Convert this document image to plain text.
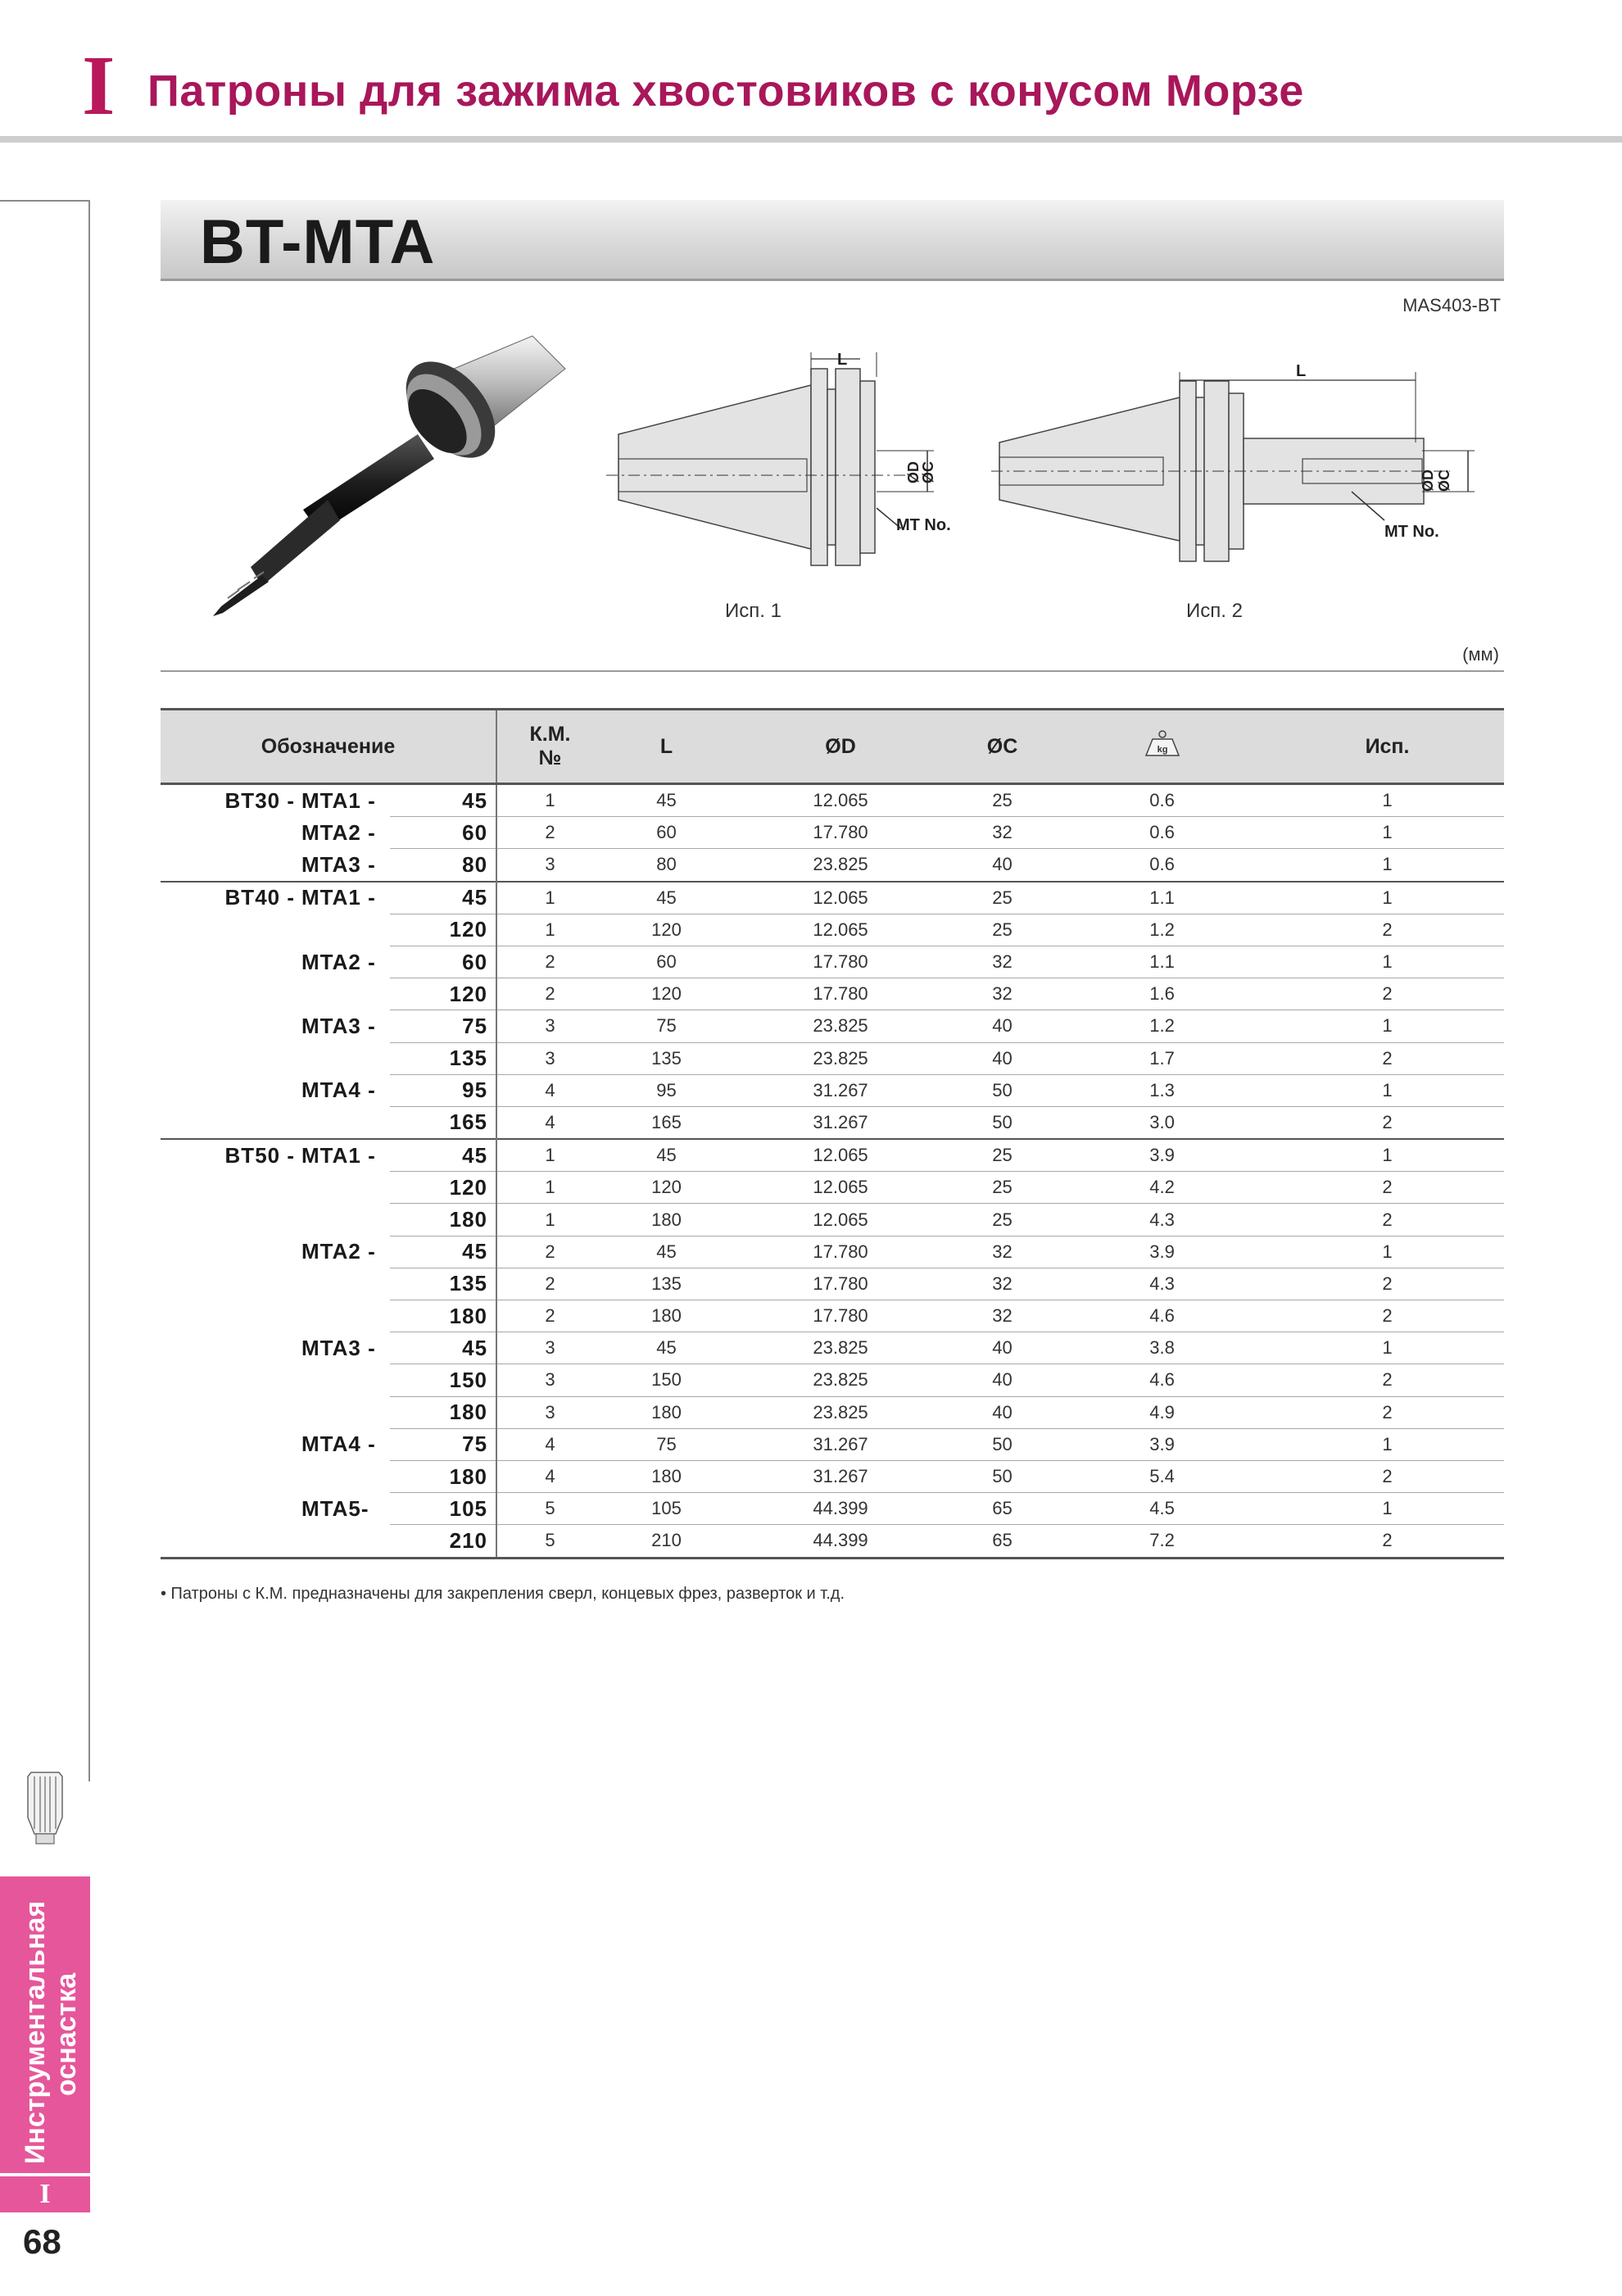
I Патроны для зажима хвостовиков с конусом Морзе
BT-MTA
MAS403-BT
L
ØD
ØC
MT No.
Исп. 1
L
ØD ØC
MT No.
Исп. 2
(мм)
Обозначение			К.М.
№	L	ØD	ØC	kg	Исп.
BT30 -	MTA1 -	45	1	45	12.065	25	0.6	1
	MTA2 -	60	2	60	17.780	32	0.6	1
	MTA3 -	80	3	80	23.825	40	0.6	1
BT40 -	MTA1 -	45	1	45	12.065	25	1.1	1
		120	1	120	12.065	25	1.2	2
	MTA2 -	60	2	60	17.780	32	1.1	1
		120	2	120	17.780	32	1.6	2
	MTA3 -	75	3	75	23.825	40	1.2	1
		135	3	135	23.825	40	1.7	2
	MTA4 -	95	4	95	31.267	50	1.3	1
		165	4	165	31.267	50	3.0	2
BT50 -	MTA1 -	45	1	45	12.065	25	3.9	1
		120	1	120	12.065	25	4.2	2
		180	1	180	12.065	25	4.3	2
	MTA2 -	45	2	45	17.780	32	3.9	1
		135	2	135	17.780	32	4.3	2
		180	2	180	17.780	32	4.6	2
	MTA3 -	45	3	45	23.825	40	3.8	1
		150	3	150	23.825	40	4.6	2
		180	3	180	23.825	40	4.9	2
	MTA4 -	75	4	75	31.267	50	3.9	1
		180	4	180	31.267	50	5.4	2
	MTA5-	105	5	105	44.399	65	4.5	1
		210	5	210	44.399	65	7.2	2
• Патроны с К.М. предназначены для закрепления сверл, концевых фрез, разверток и т.д.
Инструментальная оснастка
I
68
